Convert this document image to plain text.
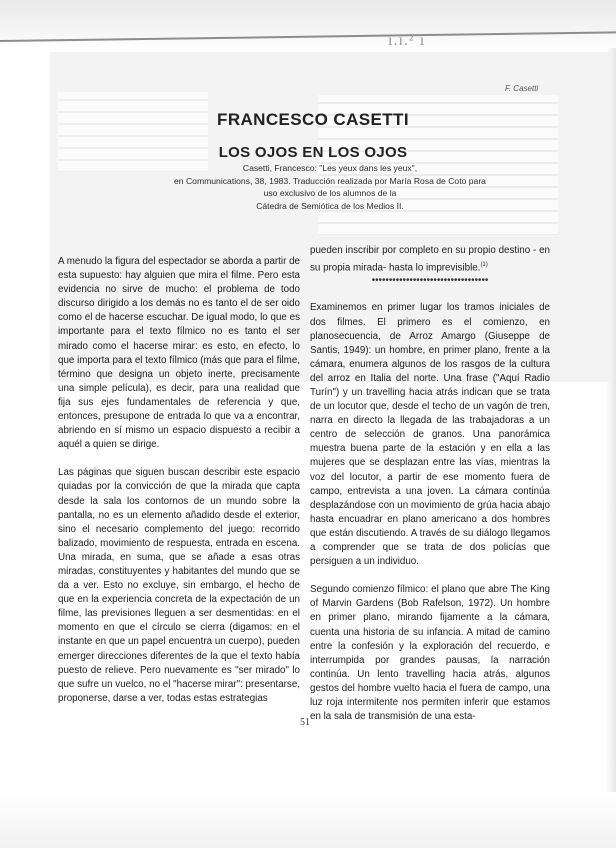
ı.ı.² ı
F. Casetti
FRANCESCO CASETTI
LOS OJOS EN LOS OJOS
Casetti, Francesco: "Les yeux dans les yeux",
en Communications, 38, 1983. Traducción realizada por María Rosa de Coto para
uso exclusivo de los alumnos de la
Cátedra de Semiótica de los Medios II.

A menudo la figura del espectador se aborda a partir de esta supuesto: hay alguien que mira el filme. Pero esta evidencia no sirve de mucho: el problema de todo discurso dirigido a los demás no es tanto el de ser oido como el de hacerse escuchar. De igual modo, lo que es importante para el texto fílmico no es tanto el ser mirado como el hacerse mirar: es esto, en efecto, lo que importa para el texto fílmico (más que para el filme, término que designa un objeto inerte, precisamente una simple película), es decir, para una realidad que fija sus ejes fundamentales de referencia y que, entonces, presupone de entrada lo que va a encontrar, abriendo en sí mismo un espacio dispuesto a recibir a aquél a quien se dirige.

Las páginas que siguen buscan describir este espacio quiadas por la convicción de que la mirada que capta desde la sala los contornos de un mundo sobre la pantalla, no es un elemento añadido desde el exterior, sino el necesario complemento del juego: recorrido balizado, movimiento de respuesta, entrada en escena. Una mirada, en suma, que se añade a esas otras miradas, constituyentes y habitantes del mundo que se da a ver. Esto no excluye, sin embargo, el hecho de que en la experiencia concreta de la expectación de un filme, las previsiones lleguen a ser desmentidas: en el momento en que el círculo se cierra (digamos: en el instante en que un papel encuentra un cuerpo), pueden emerger direcciones diferentes de la que el texto había puesto de relieve. Pero nuevamente es "ser mirado" lo que sufre un vuelco, no el "hacerse mirar": presentarse, proponerse, darse a ver, todas estas estrategias

pueden inscribir por completo en su propio destino - en su propia mirada- hasta lo imprevisible.$^{(1)}$

••••••••••••••••••••••••••••••••••

Examinemos en primer lugar los tramos iniciales de dos filmes. El primero es el comienzo, en planosecuencia, de Arroz Amargo (Giuseppe de Santis, 1949): un hombre, en primer plano, frente a la cámara, enumera algunos de los rasgos de la cultura del arroz en Italia del norte. Una frase ("Aquí Radio Turín") y un travelling hacia atrás indican que se trata de un locutor que, desde el techo de un vagón de tren, narra en directo la llegada de las trabajadoras a un centro de selección de granos. Una panorámica muestra buena parte de la estación y en ella a las mujeres que se desplazan entre las vías, mientras la voz del locutor, a partir de ese momento fuera de campo, entrevista a una joven. La cámara continúa desplazándose con un movimiento de grúa hacia abajo hasta encuadrar en plano americano a dos hombres que están discutiendo. A través de su diálogo llegamos a comprender que se trata de dos policías que persiguen a un individuo.

Segundo comienzo fílmico: el plano que abre The King of Marvin Gardens (Bob Rafelson, 1972). Un hombre en primer plano, mirando fijamente a la cámara, cuenta una historia de su infancia. A mitad de camino entre la confesión y la exploración del recuerdo, e interrumpida por grandes pausas, la narración continúa. Un lento travelling hacia atrás, algunos gestos del hombre vuelto hacia el fuera de campo, una luz roja intermitente nos permiten inferir que estamos en la sala de transmisión de una esta-

51
